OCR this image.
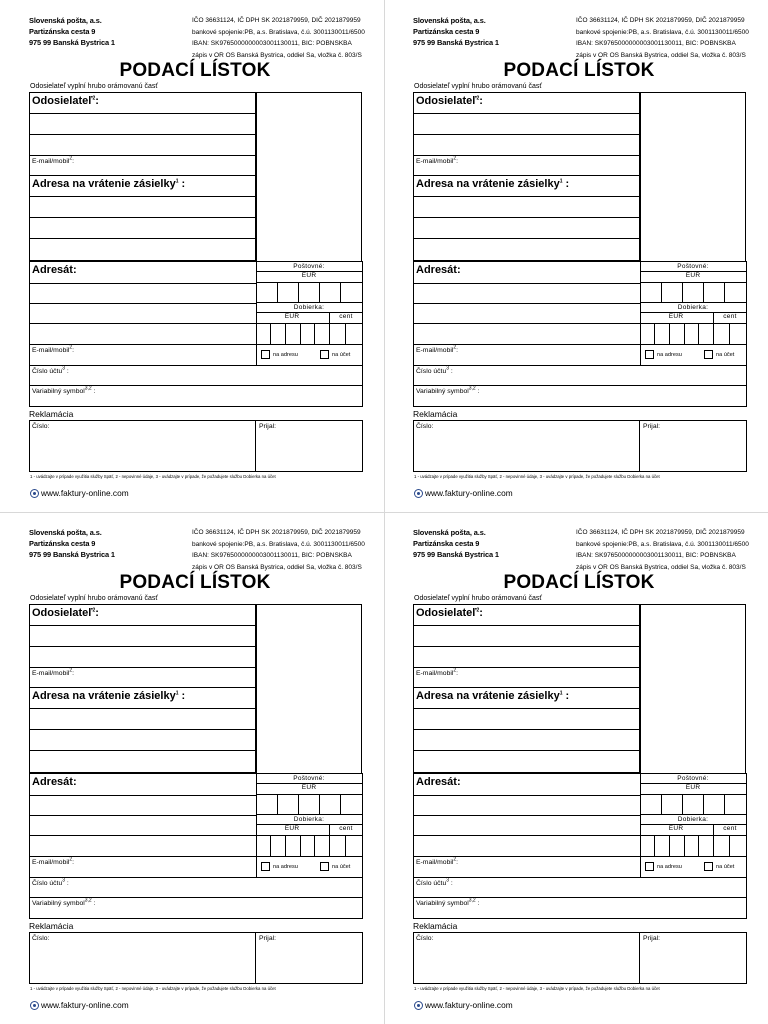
Slovenská pošta, a.s.
Partizánska cesta 9
975 99 Banská Bystrica 1
IČO 36631124, IČ DPH SK 2021879959, DIČ 2021879959
bankové spojenie:PB, a.s. Bratislava, č.ú. 3001130011/6500
IBAN: SK9765000000003001130011, BIC: POBNSKBA
zápis v OR OS Banská Bystrica, oddiel Sa, vložka č. 803/S
PODACÍ LÍSTOK
Odosielateľ vyplní hrubo orámovanú časť
Odosielateľ$^2$:
E-mail/mobil$^2$:
Adresa na vrátenie zásielky$^1$ :
Adresát:
E-mail/mobil$^2$:
Číslo účtu$^3$ :
Variabilný symbol$^{3,2}$ :
Poštovné:
EUR
Dobierka:
EUR	cent
na adresu	na účet
Reklamácia
Číslo:	Prijal:
1 - uvádzajte v prípade využitia služby Späť, 2 - nepovinné údaje, 3 - uvádzajte v prípade, že požadujete službu Dobierka na účet
www.faktury-online.com
Slovenská pošta, a.s.
Partizánska cesta 9
975 99 Banská Bystrica 1
IČO 36631124, IČ DPH SK 2021879959, DIČ 2021879959
bankové spojenie:PB, a.s. Bratislava, č.ú. 3001130011/6500
IBAN: SK9765000000003001130011, BIC: POBNSKBA
zápis v OR OS Banská Bystrica, oddiel Sa, vložka č. 803/S
PODACÍ LÍSTOK
Odosielateľ vyplní hrubo orámovanú časť
Odosielateľ$^2$:
E-mail/mobil$^2$:
Adresa na vrátenie zásielky$^1$ :
Adresát:
E-mail/mobil$^2$:
Číslo účtu$^3$ :
Variabilný symbol$^{3,2}$ :
Poštovné:
EUR
Dobierka:
EUR	cent
na adresu	na účet
Reklamácia
Číslo:	Prijal:
1 - uvádzajte v prípade využitia služby Späť, 2 - nepovinné údaje, 3 - uvádzajte v prípade, že požadujete službu Dobierka na účet
www.faktury-online.com
Slovenská pošta, a.s.
Partizánska cesta 9
975 99 Banská Bystrica 1
IČO 36631124, IČ DPH SK 2021879959, DIČ 2021879959
bankové spojenie:PB, a.s. Bratislava, č.ú. 3001130011/6500
IBAN: SK9765000000003001130011, BIC: POBNSKBA
zápis v OR OS Banská Bystrica, oddiel Sa, vložka č. 803/S
PODACÍ LÍSTOK
Odosielateľ vyplní hrubo orámovanú časť
Odosielateľ$^2$:
E-mail/mobil$^2$:
Adresa na vrátenie zásielky$^1$ :
Adresát:
E-mail/mobil$^2$:
Číslo účtu$^3$ :
Variabilný symbol$^{3,2}$ :
Poštovné:
EUR
Dobierka:
EUR	cent
na adresu	na účet
Reklamácia
Číslo:	Prijal:
1 - uvádzajte v prípade využitia služby Späť, 2 - nepovinné údaje, 3 - uvádzajte v prípade, že požadujete službu Dobierka na účet
www.faktury-online.com
Slovenská pošta, a.s.
Partizánska cesta 9
975 99 Banská Bystrica 1
IČO 36631124, IČ DPH SK 2021879959, DIČ 2021879959
bankové spojenie:PB, a.s. Bratislava, č.ú. 3001130011/6500
IBAN: SK9765000000003001130011, BIC: POBNSKBA
zápis v OR OS Banská Bystrica, oddiel Sa, vložka č. 803/S
PODACÍ LÍSTOK
Odosielateľ vyplní hrubo orámovanú časť
Odosielateľ$^2$:
E-mail/mobil$^2$:
Adresa na vrátenie zásielky$^1$ :
Adresát:
E-mail/mobil$^2$:
Číslo účtu$^3$ :
Variabilný symbol$^{3,2}$ :
Poštovné:
EUR
Dobierka:
EUR	cent
na adresu	na účet
Reklamácia
Číslo:	Prijal:
1 - uvádzajte v prípade využitia služby Späť, 2 - nepovinné údaje, 3 - uvádzajte v prípade, že požadujete službu Dobierka na účet
www.faktury-online.com
